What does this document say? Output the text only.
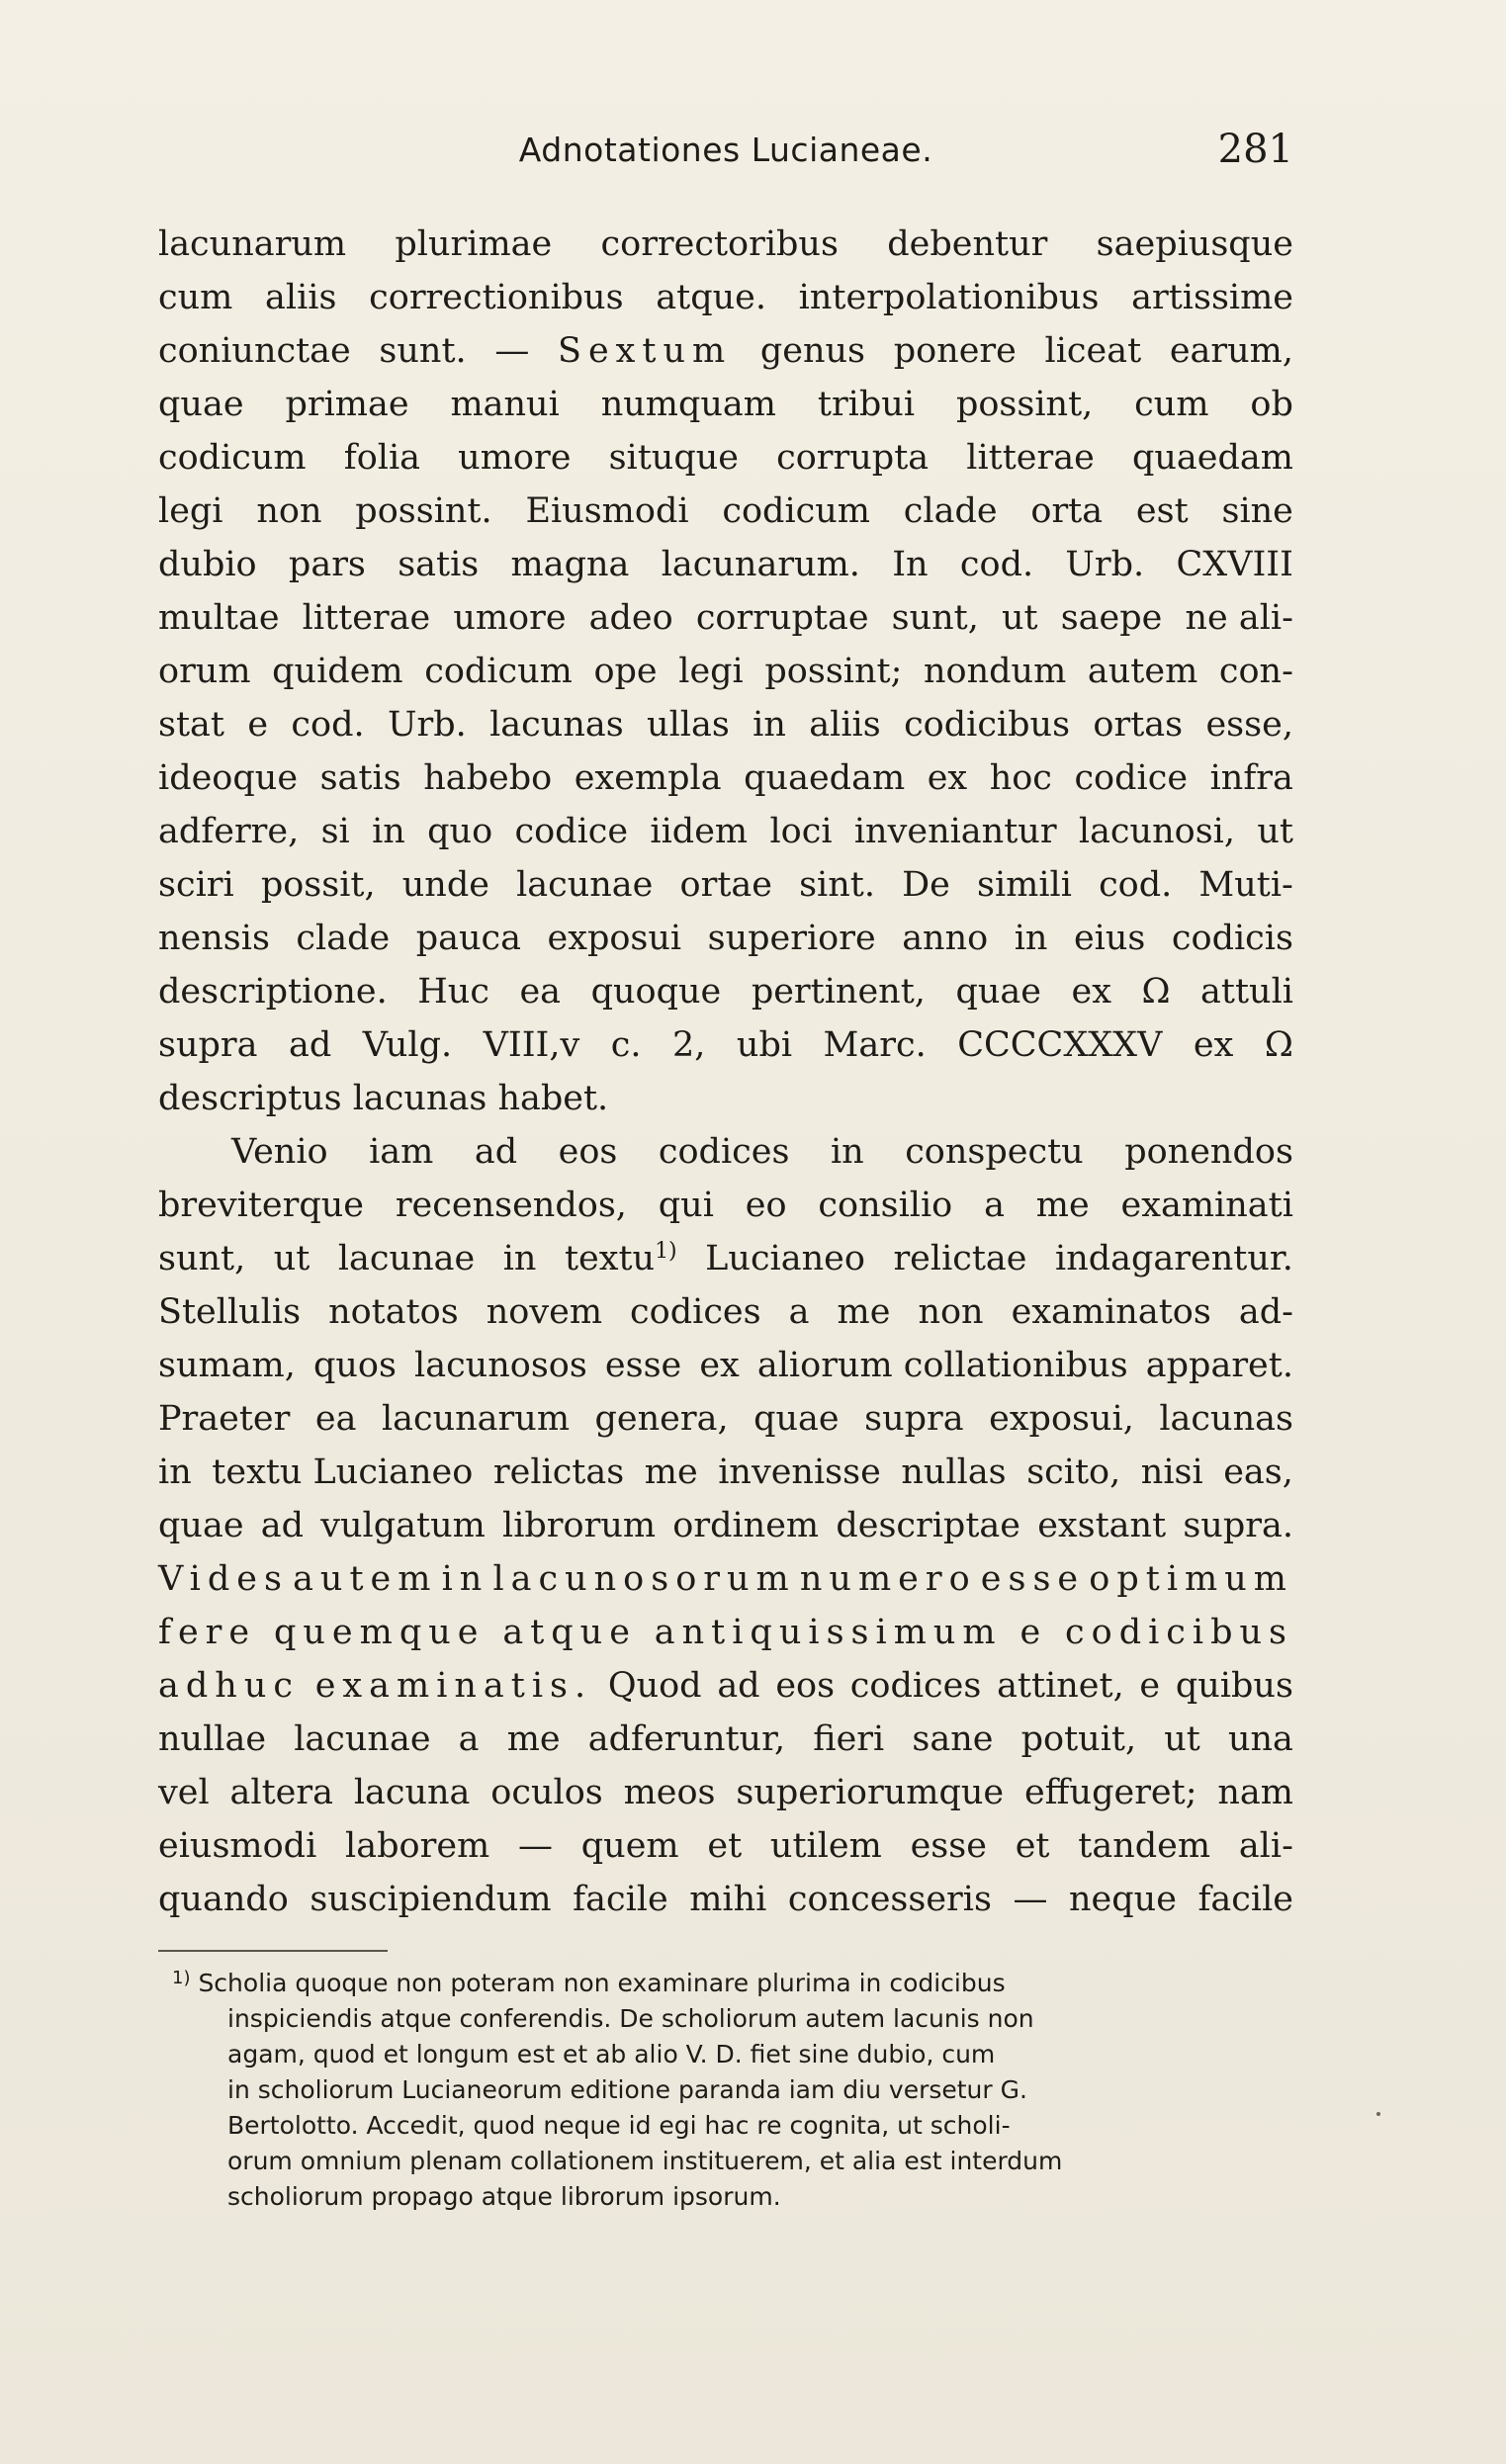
Adnotationes Lucianeae.	281
lacunarum plurimae correctoribus debentur saepiusque
cum aliis correctionibus atque. interpolationibus artissime
coniunctae sunt. — Sextum genus ponere liceat earum,
quae primae manui numquam tribui possint, cum ob
codicum folia umore situque corrupta litterae quaedam
legi non possint. Eiusmodi codicum clade orta est sine
dubio pars satis magna lacunarum. In cod. Urb. CXVIII
multae litterae umore adeo corruptae sunt, ut saepe ne ali-
orum quidem codicum ope legi possint; nondum autem con-
stat e cod. Urb. lacunas ullas in aliis codicibus ortas esse,
ideoque satis habebo exempla quaedam ex hoc codice infra
adferre, si in quo codice iidem loci inveniantur lacunosi, ut
sciri possit, unde lacunae ortae sint. De simili cod. Muti-
nensis clade pauca exposui superiore anno in eius codicis
descriptione. Huc ea quoque pertinent, quae ex Ω attuli
supra ad Vulg. VIII,v c. 2, ubi Marc. CCCCXXXV ex Ω
descriptus lacunas habet.
Venio iam ad eos codices in conspectu ponendos
breviterque recensendos, qui eo consilio a me examinati
sunt, ut lacunae in textu$^{1)}$ Lucianeo relictae indagarentur.
Stellulis notatos novem codices a me non examinatos ad-
sumam, quos lacunosos esse ex aliorum collationibus apparet.
Praeter ea lacunarum genera, quae supra exposui, lacunas
in textu Lucianeo relictas me invenisse nullas scito, nisi eas,
quae ad vulgatum librorum ordinem descriptae exstant supra.
Vides autem in lacunosorum numero esse optimum
fere quemque atque antiquissimum e codicibus
adhuc examinatis. Quod ad eos codices attinet, e quibus
nullae lacunae a me adferuntur, fieri sane potuit, ut una
vel altera lacuna oculos meos superiorumque effugeret; nam
eiusmodi laborem — quem et utilem esse et tandem ali-
quando suscipiendum facile mihi concesseris — neque facile
$^{1)}$ Scholia quoque non poteram non examinare plurima in codicibus
inspiciendis atque conferendis. De scholiorum autem lacunis non
agam, quod et longum est et ab alio V. D. fiet sine dubio, cum
in scholiorum Lucianeorum editione paranda iam diu versetur G.
Bertolotto. Accedit, quod neque id egi hac re cognita, ut scholi-
orum omnium plenam collationem instituerem, et alia est interdum
scholiorum propago atque librorum ipsorum.
